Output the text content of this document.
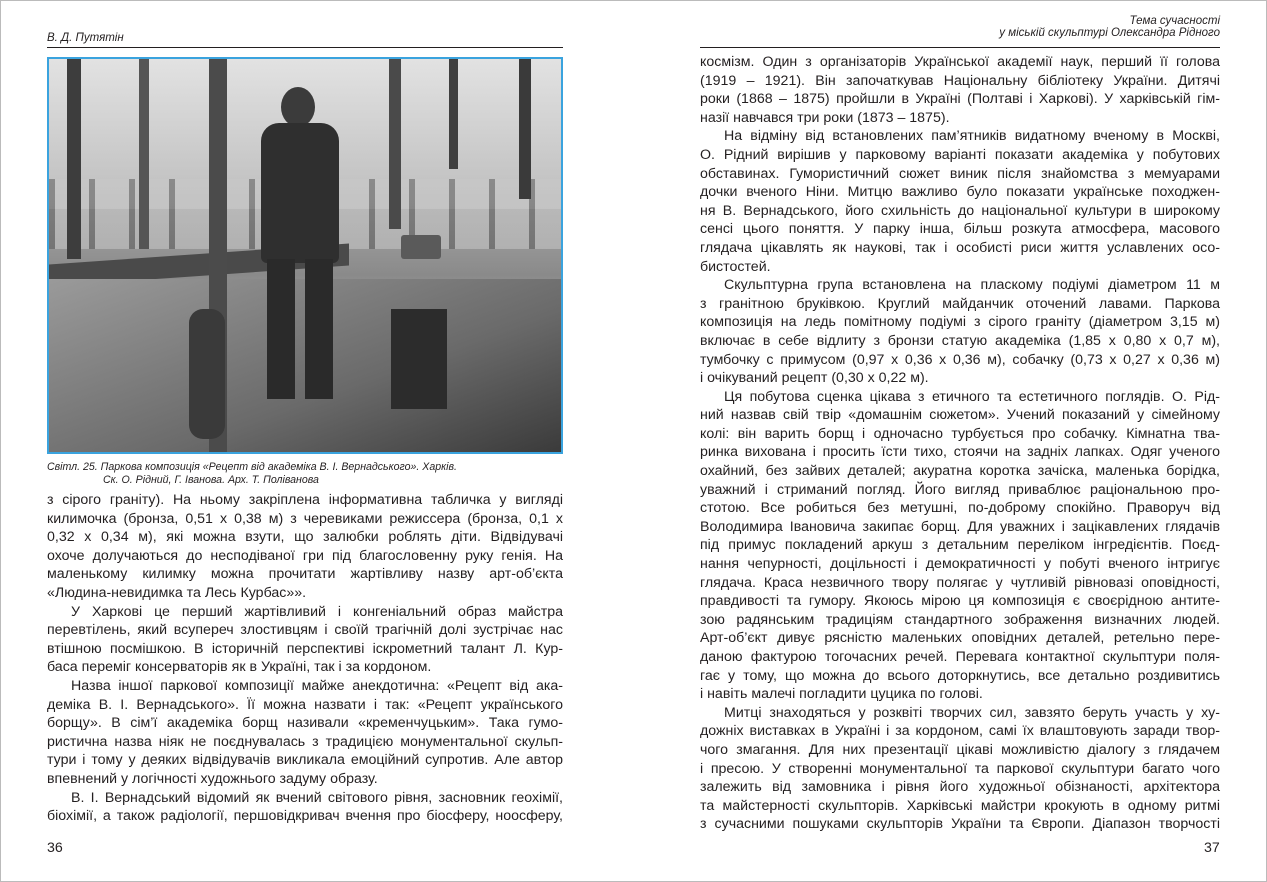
В. Д. Путятін
Світл. 25. Паркова композиція «Рецепт від академіка В. І. Вернадського». Харків.
Ск. О. Рідний, Г. Іванова. Арх. Т. Поліванова
з сірого граніту). На ньому закріплена інформативна табличка у вигляді
килимочка (бронза, 0,51 х 0,38 м) з черевиками режиссера (бронза, 0,1 х
0,32 х 0,34 м), які можна взути, що залюбки роблять діти. Відвідувачі
охоче долучаються до несподіваної гри під благословенну руку генія. На
маленькому килимку можна прочитати жартівливу назву арт-об’єкта
«Людина-невидимка та Лесь Курбас»».
У Харкові це перший жартівливий і конгеніальний образ майстра
перевтілень, який всупереч злостивцям і своїй трагічній долі зустрічає нас
втішною посмішкою. В історичній перспективі іскрометний талант Л. Кур-
баса переміг консерваторів як в Україні, так і за кордоном.
Назва іншої паркової композиції майже анекдотична: «Рецепт від ака-
деміка В. І. Вернадського». Її можна назвати і так: «Рецепт українського
борщу». В сім’ї академіка борщ називали «кременчуцьким». Така гумо-
ристична назва ніяк не поєднувалась з традицією монументальної скульп-
тури і тому у деяких відвідувачів викликала емоційний супротив. Але автор
впевнений у логічності художнього задуму образу.
В. І. Вернадський відомий як вчений світового рівня, засновник геохімії,
біохімії, а також радіології, першовідкривач вчення про біосферу, ноосферу,
36
Тема сучасності
у міській скульптурі Олександра Рідного
космізм. Один з організаторів Української академії наук, перший її голова
(1919 – 1921). Він започаткував Національну бібліотеку України. Дитячі
роки (1868 – 1875) пройшли в Україні (Полтаві і Харкові). У харківській гім-
назії навчався три роки (1873 – 1875).
На відміну від встановлених пам’ятників видатному вченому в Москві,
О. Рідний вирішив у парковому варіанті показати академіка у побутових
обставинах. Гумористичний сюжет виник після знайомства з мемуарами
дочки вченого Ніни. Митцю важливо було показати українське походжен-
ня В. Вернадського, його схильність до національної культури в широкому
сенсі цього поняття. У парку інша, більш розкута атмосфера, масового
глядача цікавлять як наукові, так і особисті риси життя уславлених осо-
бистостей.
Скульптурна група встановлена на пласкому подіумі діаметром 11 м
з гранітною бруківкою. Круглий майданчик оточений лавами. Паркова
композиція на ледь помітному подіумі з сірого граніту (діаметром 3,15 м)
включає в себе відлиту з бронзи статую академіка (1,85 х 0,80 х 0,7 м),
тумбочку с примусом (0,97 х 0,36 х 0,36 м), собачку (0,73 х 0,27 х 0,36 м)
і очікуваний рецепт (0,30 х 0,22 м).
Ця побутова сценка цікава з етичного та естетичного поглядів. О. Рід-
ний назвав свій твір «домашнім сюжетом». Учений показаний у сімейному
колі: він варить борщ і одночасно турбується про собачку. Кімнатна тва-
ринка вихована і просить їсти тихо, стоячи на задніх лапках. Одяг ученого
охайний, без зайвих деталей; акуратна коротка зачіска, маленька борідка,
уважний і стриманий погляд. Його вигляд приваблює раціональною про-
стотою. Все робиться без метушні, по-доброму спокійно. Праворуч від
Володимира Івановича закипає борщ. Для уважних і зацікавлених глядачів
під примус покладений аркуш з детальним переліком інгредієнтів. Поєд-
нання чепурності, доцільності і демократичності у побуті вченого інтригує
глядача. Краса незвичного твору полягає у чутливій рівновазі оповідності,
правдивості та гумору. Якоюсь мірою ця композиція є своєрідною антите-
зою радянським традиціям стандартного зображення визначних людей.
Арт-об’єкт дивує рясністю маленьких оповідних деталей, ретельно пере-
даною фактурою тогочасних речей. Перевага контактної скульптури поля-
гає у тому, що можна до всього доторкнутись, все детально роздивитись
і навіть малечі погладити цуцика по голові.
Митці знаходяться у розквіті творчих сил, завзято беруть участь у ху-
дожніх виставках в Україні і за кордоном, самі їх влаштовують заради твор-
чого змагання. Для них презентації цікаві можливістю діалогу з глядачем
і пресою. У створенні монументальної та паркової скульптури багато чого
залежить від замовника і рівня його художньої обізнаності, архітектора
та майстерності скульпторів. Харківські майстри крокують в одному ритмі
з сучасними пошуками скульпторів України та Європи. Діапазон творчості
37
